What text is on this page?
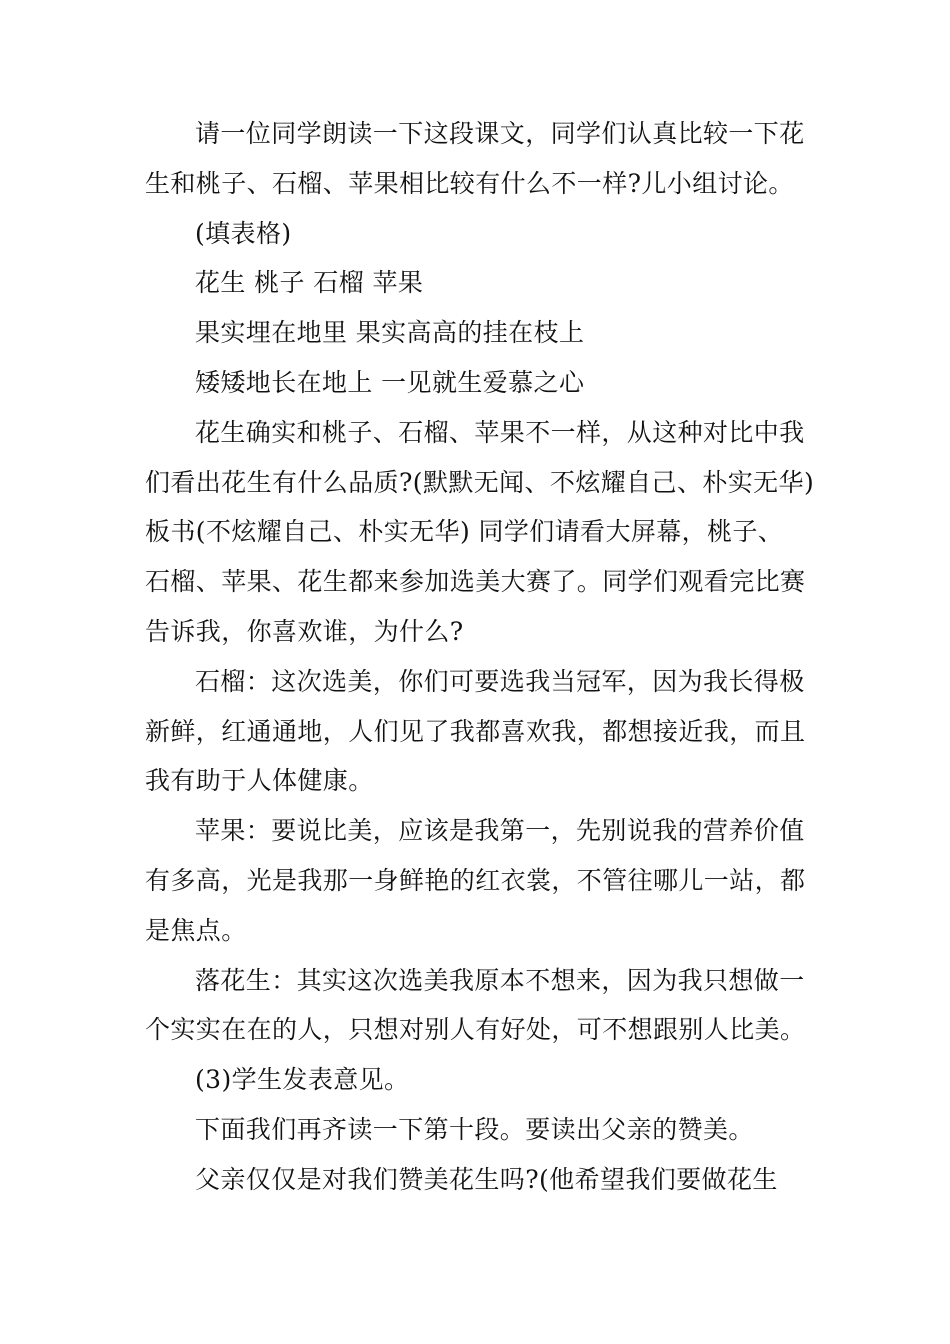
请一位同学朗读一下这段课文，同学们认真比较一下花
生和桃子、石榴、苹果相比较有什么不一样?儿小组讨论。

(填表格)

花生 桃子 石榴 苹果

果实埋在地里 果实高高的挂在枝上

矮矮地长在地上 一见就生爱慕之心

花生确实和桃子、石榴、苹果不一样，从这种对比中我
们看出花生有什么品质?(默默无闻、不炫耀自己、朴实无华)
板书(不炫耀自己、朴实无华) 同学们请看大屏幕，桃子、
石榴、苹果、花生都来参加选美大赛了。同学们观看完比赛
告诉我，你喜欢谁，为什么?

石榴：这次选美，你们可要选我当冠军，因为我长得极
新鲜，红通通地，人们见了我都喜欢我，都想接近我，而且
我有助于人体健康。

苹果：要说比美，应该是我第一，先别说我的营养价值
有多高，光是我那一身鲜艳的红衣裳，不管往哪儿一站，都
是焦点。

落花生：其实这次选美我原本不想来，因为我只想做一
个实实在在的人，只想对别人有好处，可不想跟别人比美。

(3)学生发表意见。

下面我们再齐读一下第十段。要读出父亲的赞美。

父亲仅仅是对我们赞美花生吗?(他希望我们要做花生
